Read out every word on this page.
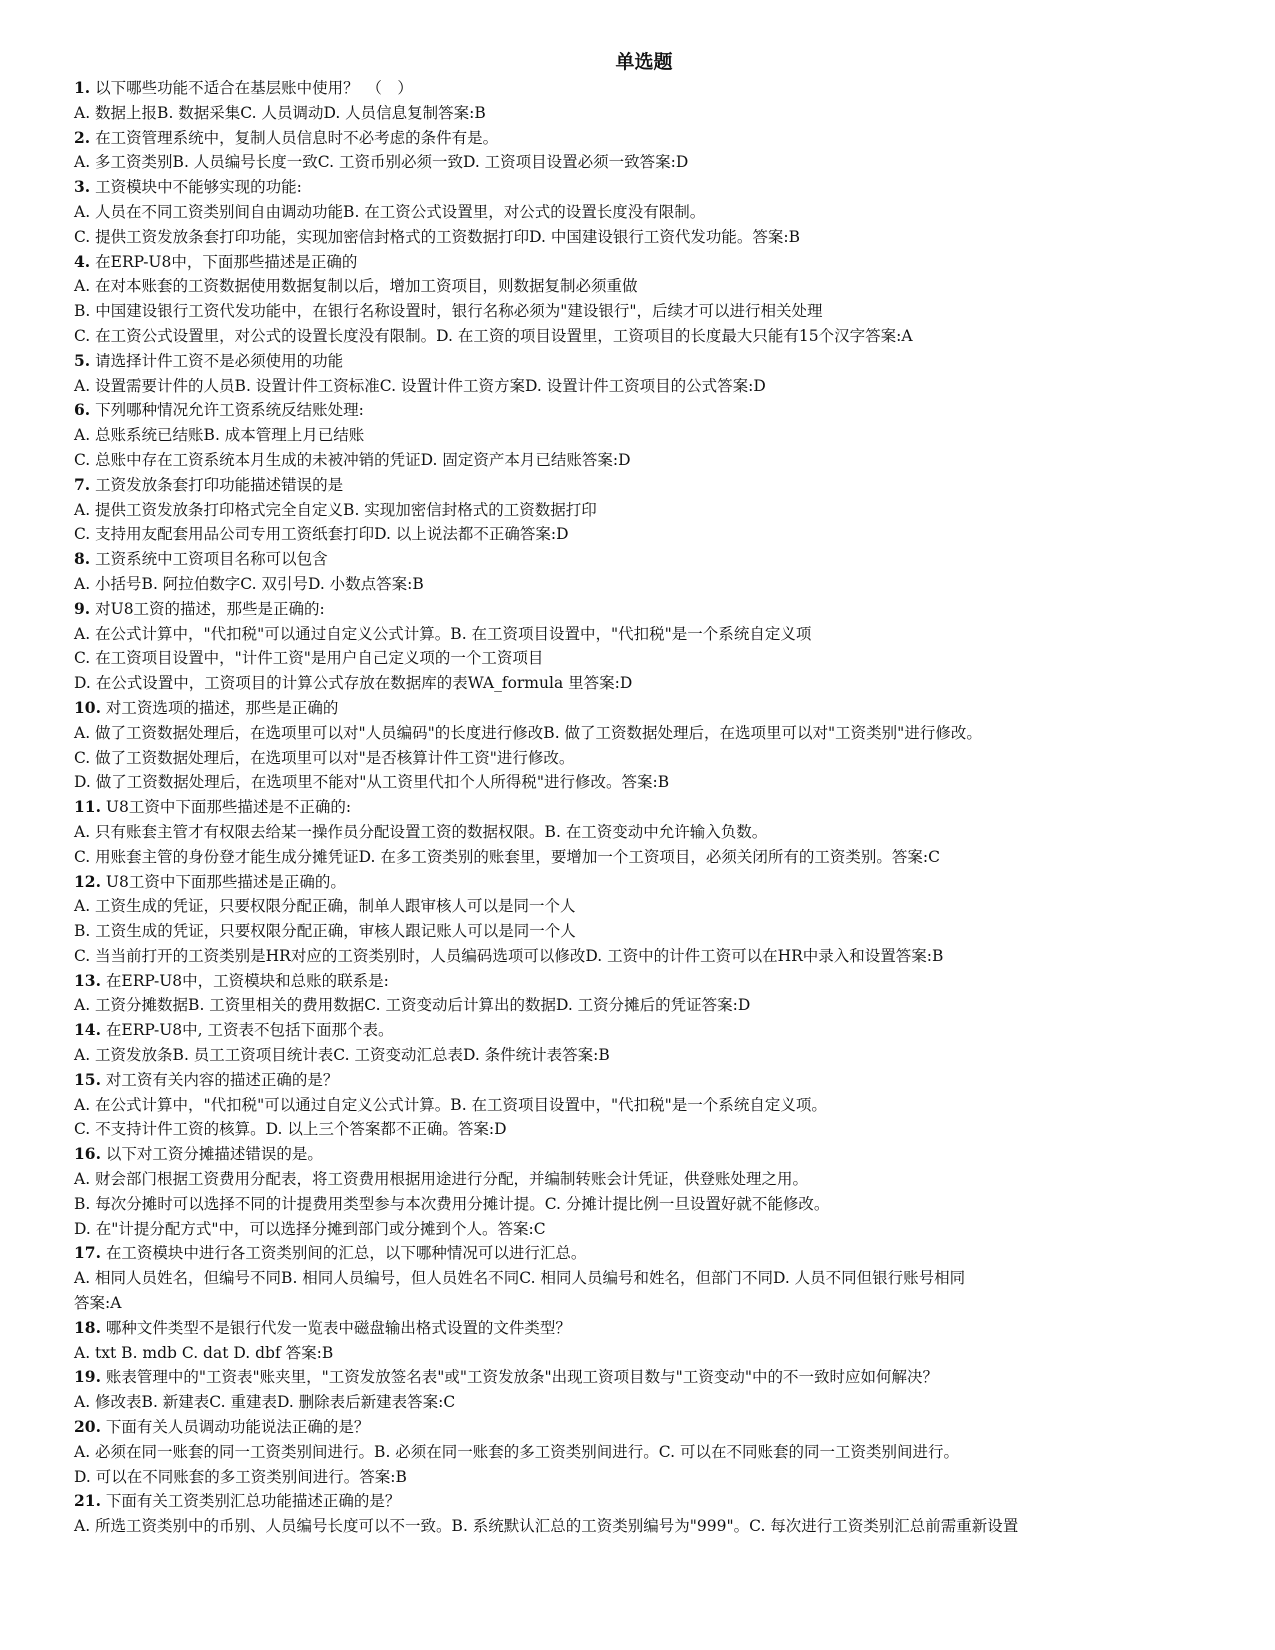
单选题
1. 以下哪些功能不适合在基层账中使用？　（　）
A. 数据上报B. 数据采集C. 人员调动D. 人员信息复制答案:B
2. 在工资管理系统中，复制人员信息时不必考虑的条件有是。
A. 多工资类别B. 人员编号长度一致C. 工资币别必须一致D. 工资项目设置必须一致答案:D
3. 工资模块中不能够实现的功能:
A. 人员在不同工资类别间自由调动功能B. 在工资公式设置里，对公式的设置长度没有限制。
C. 提供工资发放条套打印功能，实现加密信封格式的工资数据打印D. 中国建设银行工资代发功能。答案:B
4. 在ERP-U8中，下面那些描述是正确的
A. 在对本账套的工资数据使用数据复制以后，增加工资项目，则数据复制必须重做
B. 中国建设银行工资代发功能中，在银行名称设置时，银行名称必须为"建设银行"，后续才可以进行相关处理
C. 在工资公式设置里，对公式的设置长度没有限制。D. 在工资的项目设置里，工资项目的长度最大只能有15个汉字答案:A
5. 请选择计件工资不是必须使用的功能
A. 设置需要计件的人员B. 设置计件工资标准C. 设置计件工资方案D. 设置计件工资项目的公式答案:D
6. 下列哪种情况允许工资系统反结账处理:
A. 总账系统已结账B. 成本管理上月已结账
C. 总账中存在工资系统本月生成的未被冲销的凭证D. 固定资产本月已结账答案:D
7. 工资发放条套打印功能描述错误的是
A. 提供工资发放条打印格式完全自定义B. 实现加密信封格式的工资数据打印
C. 支持用友配套用品公司专用工资纸套打印D. 以上说法都不正确答案:D
8. 工资系统中工资项目名称可以包含
A. 小括号B. 阿拉伯数字C. 双引号D. 小数点答案:B
9. 对U8工资的描述，那些是正确的:
A. 在公式计算中，"代扣税"可以通过自定义公式计算。B. 在工资项目设置中，"代扣税"是一个系统自定义项
C. 在工资项目设置中，"计件工资"是用户自己定义项的一个工资项目
D. 在公式设置中，工资项目的计算公式存放在数据库的表WA_formula 里答案:D
10. 对工资选项的描述，那些是正确的
A. 做了工资数据处理后，在选项里可以对"人员编码"的长度进行修改B. 做了工资数据处理后，在选项里可以对"工资类别"进行修改。
C. 做了工资数据处理后，在选项里可以对"是否核算计件工资"进行修改。
D. 做了工资数据处理后，在选项里不能对"从工资里代扣个人所得税"进行修改。答案:B
11. U8工资中下面那些描述是不正确的:
A. 只有账套主管才有权限去给某一操作员分配设置工资的数据权限。B. 在工资变动中允许输入负数。
C. 用账套主管的身份登才能生成分摊凭证D. 在多工资类别的账套里，要增加一个工资项目，必须关闭所有的工资类别。答案:C
12. U8工资中下面那些描述是正确的。
A. 工资生成的凭证，只要权限分配正确，制单人跟审核人可以是同一个人
B. 工资生成的凭证，只要权限分配正确，审核人跟记账人可以是同一个人
C. 当当前打开的工资类别是HR对应的工资类别时，人员编码选项可以修改D. 工资中的计件工资可以在HR中录入和设置答案:B
13. 在ERP-U8中，工资模块和总账的联系是:
A. 工资分摊数据B. 工资里相关的费用数据C. 工资变动后计算出的数据D. 工资分摊后的凭证答案:D
14. 在ERP-U8中, 工资表不包括下面那个表。
A. 工资发放条B. 员工工资项目统计表C. 工资变动汇总表D. 条件统计表答案:B
15. 对工资有关内容的描述正确的是？
A. 在公式计算中，"代扣税"可以通过自定义公式计算。B. 在工资项目设置中，"代扣税"是一个系统自定义项。
C. 不支持计件工资的核算。D. 以上三个答案都不正确。答案:D
16. 以下对工资分摊描述错误的是。
A. 财会部门根据工资费用分配表，将工资费用根据用途进行分配，并编制转账会计凭证，供登账处理之用。
B. 每次分摊时可以选择不同的计提费用类型参与本次费用分摊计提。C. 分摊计提比例一旦设置好就不能修改。
D. 在"计提分配方式"中，可以选择分摊到部门或分摊到个人。答案:C
17. 在工资模块中进行各工资类别间的汇总，以下哪种情况可以进行汇总。
A. 相同人员姓名，但编号不同B. 相同人员编号，但人员姓名不同C. 相同人员编号和姓名，但部门不同D. 人员不同但银行账号相同
答案:A
18. 哪种文件类型不是银行代发一览表中磁盘输出格式设置的文件类型？
A. txt B. mdb C. dat D. dbf 答案:B
19. 账表管理中的"工资表"账夹里，"工资发放签名表"或"工资发放条"出现工资项目数与"工资变动"中的不一致时应如何解决？
A. 修改表B. 新建表C. 重建表D. 删除表后新建表答案:C
20. 下面有关人员调动功能说法正确的是？
A. 必须在同一账套的同一工资类别间进行。B. 必须在同一账套的多工资类别间进行。C. 可以在不同账套的同一工资类别间进行。
D. 可以在不同账套的多工资类别间进行。答案:B
21. 下面有关工资类别汇总功能描述正确的是？
A. 所选工资类别中的币别、人员编号长度可以不一致。B. 系统默认汇总的工资类别编号为"999"。C. 每次进行工资类别汇总前需重新设置
